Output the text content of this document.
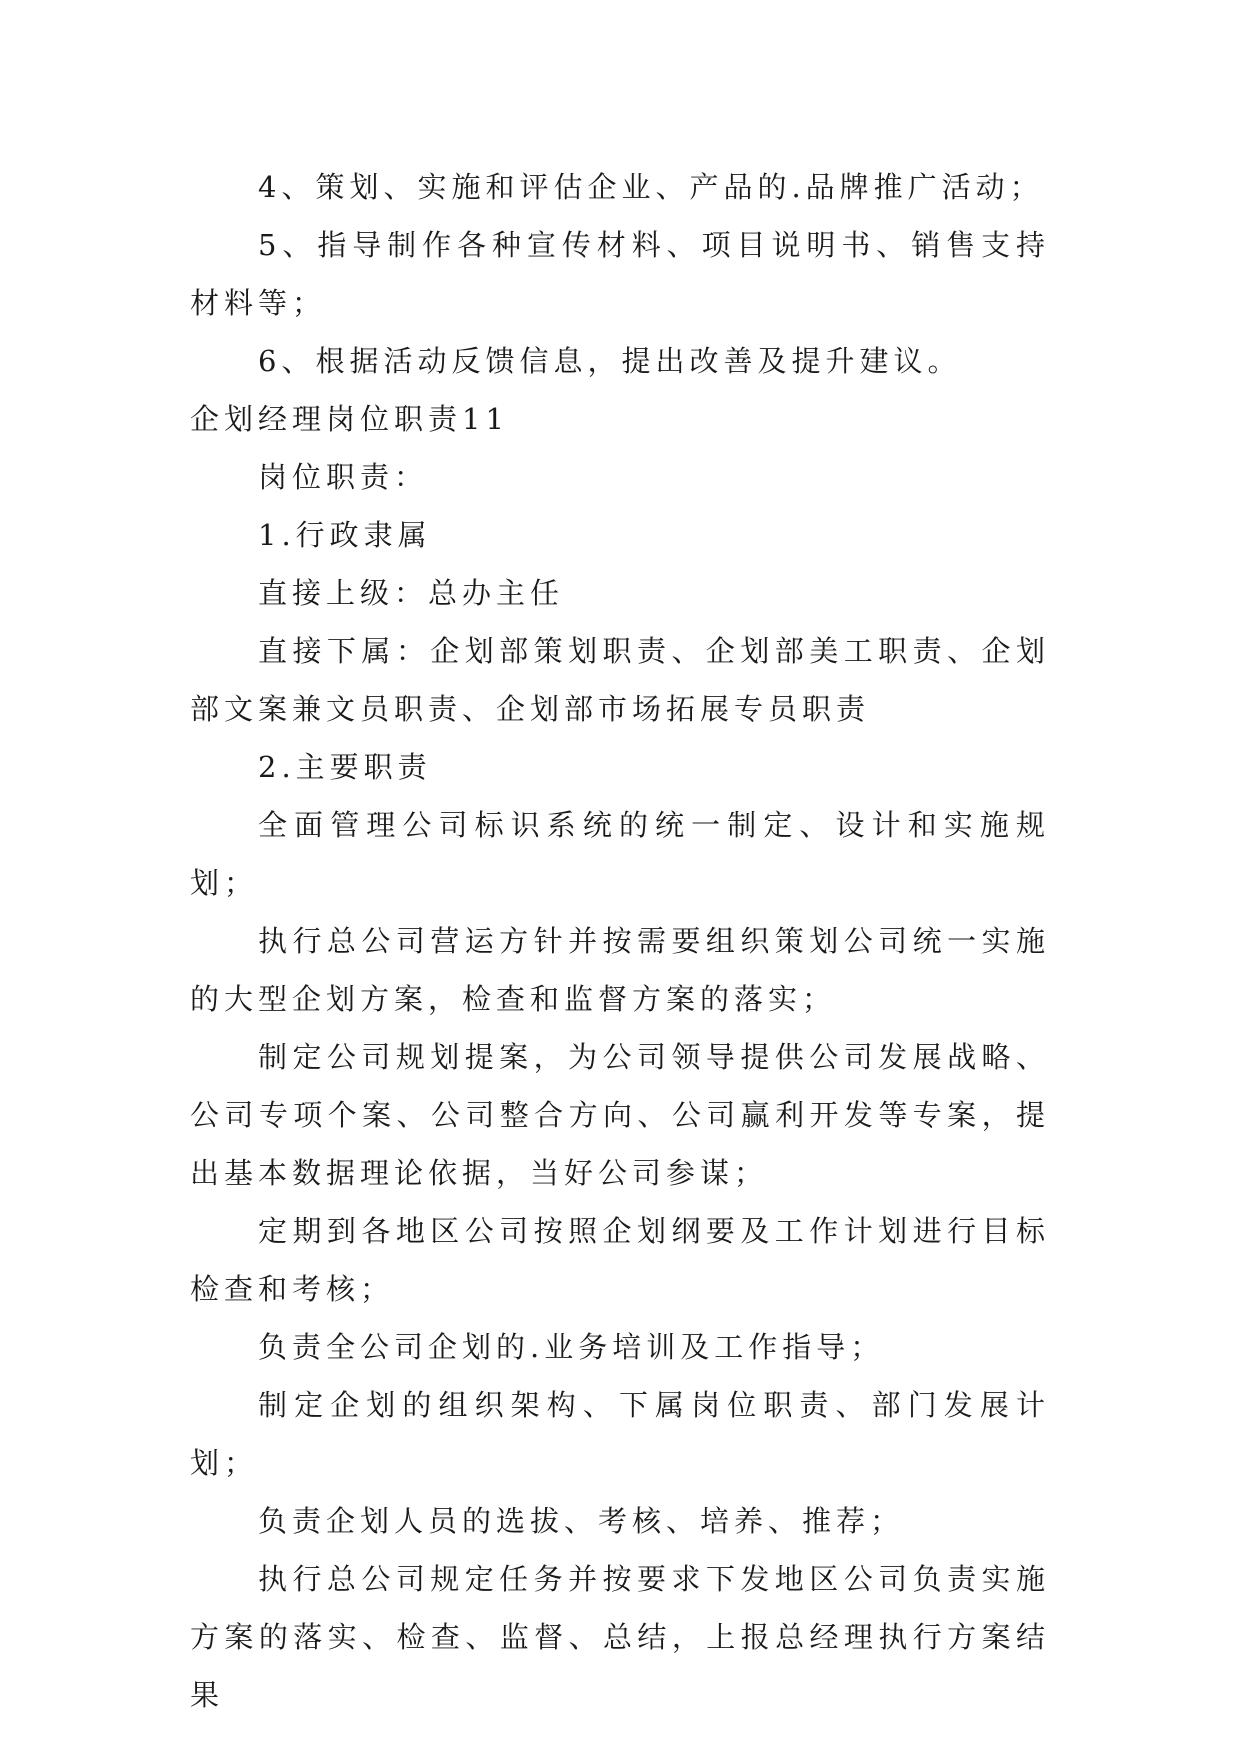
4、策划、实施和评估企业、产品的.品牌推广活动；

5、指导制作各种宣传材料、项目说明书、销售支持材料等；

6、根据活动反馈信息，提出改善及提升建议。

企划经理岗位职责11

岗位职责：

1.行政隶属

直接上级：总办主任

直接下属：企划部策划职责、企划部美工职责、企划部文案兼文员职责、企划部市场拓展专员职责

2.主要职责

全面管理公司标识系统的统一制定、设计和实施规划；

执行总公司营运方针并按需要组织策划公司统一实施的大型企划方案，检查和监督方案的落实；

制定公司规划提案，为公司领导提供公司发展战略、公司专项个案、公司整合方向、公司赢利开发等专案，提出基本数据理论依据，当好公司参谋；

定期到各地区公司按照企划纲要及工作计划进行目标检查和考核；

负责全公司企划的.业务培训及工作指导；

制定企划的组织架构、下属岗位职责、部门发展计划；

负责企划人员的选拔、考核、培养、推荐；

执行总公司规定任务并按要求下发地区公司负责实施方案的落实、检查、监督、总结，上报总经理执行方案结果
